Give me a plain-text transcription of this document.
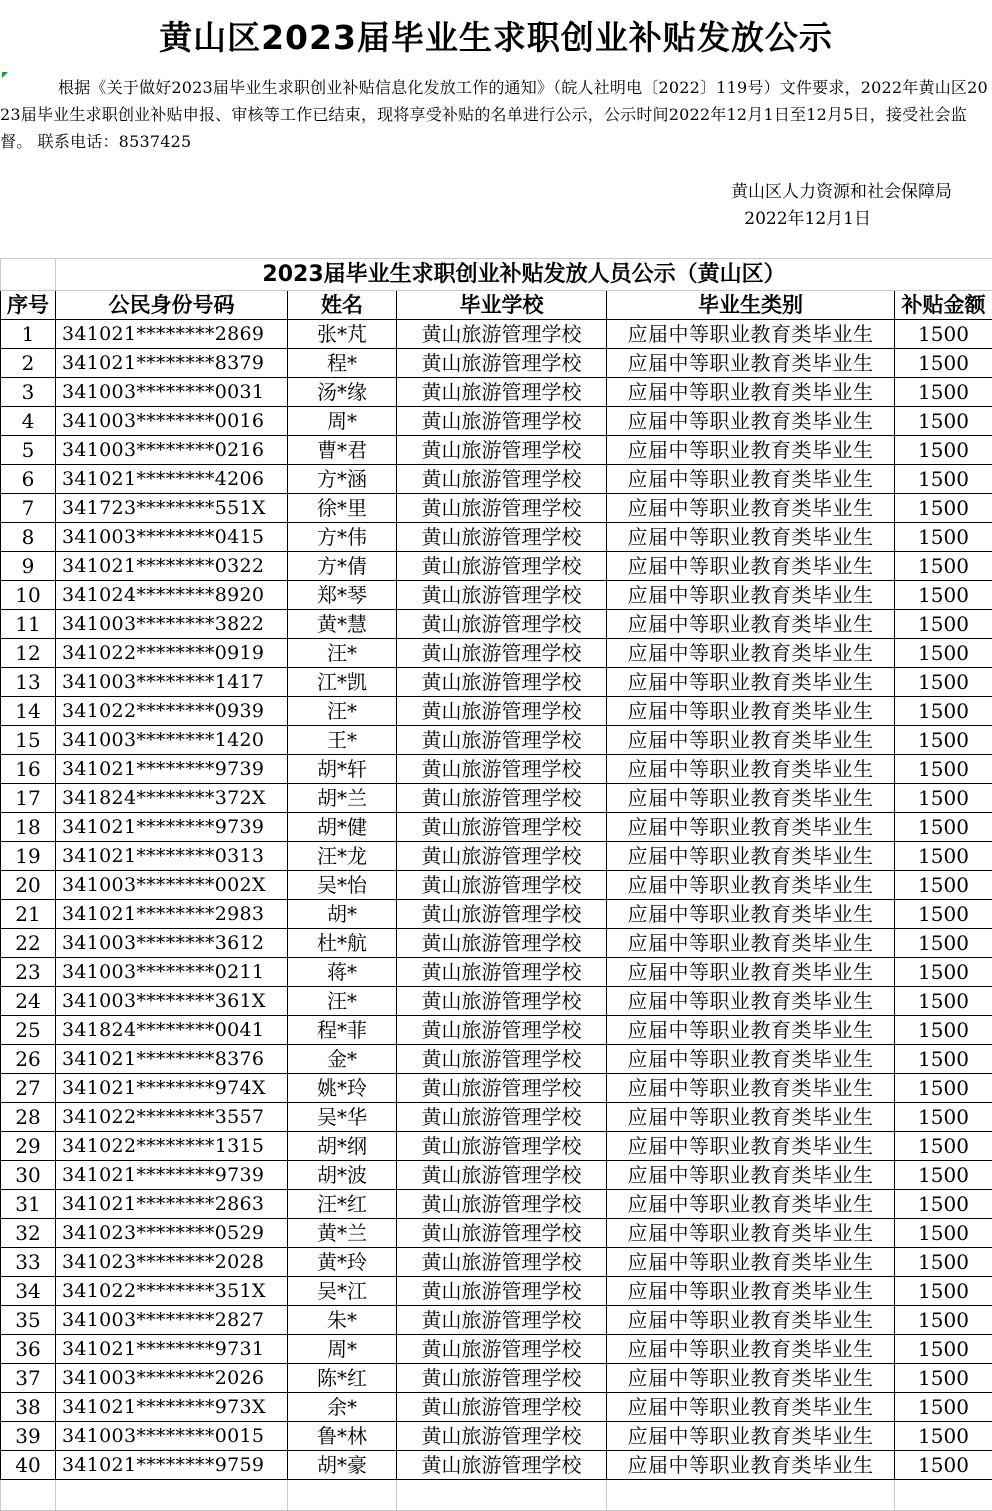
黄山区2023届毕业生求职创业补贴发放公示
根据《关于做好2023届毕业生求职创业补贴信息化发放工作的通知》（皖人社明电〔2022〕119号）文件要求，2022年黄山区2023届毕业生求职创业补贴申报、审核等工作已结束，现将享受补贴的名单进行公示，公示时间2022年12月1日至12月5日，接受社会监督。 联系电话：8537425
黄山区人力资源和社会保障局
2022年12月1日
	2023届毕业生求职创业补贴发放人员公示（黄山区）				
序号	公民身份号码	姓名	毕业学校	毕业生类别	补贴金额
1	341021********2869	张*芃	黄山旅游管理学校	应届中等职业教育类毕业生	1500
2	341021********8379	程*	黄山旅游管理学校	应届中等职业教育类毕业生	1500
3	341003********0031	汤*缘	黄山旅游管理学校	应届中等职业教育类毕业生	1500
4	341003********0016	周*	黄山旅游管理学校	应届中等职业教育类毕业生	1500
5	341003********0216	曹*君	黄山旅游管理学校	应届中等职业教育类毕业生	1500
6	341021********4206	方*涵	黄山旅游管理学校	应届中等职业教育类毕业生	1500
7	341723********551X	徐*里	黄山旅游管理学校	应届中等职业教育类毕业生	1500
8	341003********0415	方*伟	黄山旅游管理学校	应届中等职业教育类毕业生	1500
9	341021********0322	方*倩	黄山旅游管理学校	应届中等职业教育类毕业生	1500
10	341024********8920	郑*琴	黄山旅游管理学校	应届中等职业教育类毕业生	1500
11	341003********3822	黄*慧	黄山旅游管理学校	应届中等职业教育类毕业生	1500
12	341022********0919	汪*	黄山旅游管理学校	应届中等职业教育类毕业生	1500
13	341003********1417	江*凯	黄山旅游管理学校	应届中等职业教育类毕业生	1500
14	341022********0939	汪*	黄山旅游管理学校	应届中等职业教育类毕业生	1500
15	341003********1420	王*	黄山旅游管理学校	应届中等职业教育类毕业生	1500
16	341021********9739	胡*轩	黄山旅游管理学校	应届中等职业教育类毕业生	1500
17	341824********372X	胡*兰	黄山旅游管理学校	应届中等职业教育类毕业生	1500
18	341021********9739	胡*健	黄山旅游管理学校	应届中等职业教育类毕业生	1500
19	341021********0313	汪*龙	黄山旅游管理学校	应届中等职业教育类毕业生	1500
20	341003********002X	吴*怡	黄山旅游管理学校	应届中等职业教育类毕业生	1500
21	341021********2983	胡*	黄山旅游管理学校	应届中等职业教育类毕业生	1500
22	341003********3612	杜*航	黄山旅游管理学校	应届中等职业教育类毕业生	1500
23	341003********0211	蒋*	黄山旅游管理学校	应届中等职业教育类毕业生	1500
24	341003********361X	汪*	黄山旅游管理学校	应届中等职业教育类毕业生	1500
25	341824********0041	程*菲	黄山旅游管理学校	应届中等职业教育类毕业生	1500
26	341021********8376	金*	黄山旅游管理学校	应届中等职业教育类毕业生	1500
27	341021********974X	姚*玲	黄山旅游管理学校	应届中等职业教育类毕业生	1500
28	341022********3557	吴*华	黄山旅游管理学校	应届中等职业教育类毕业生	1500
29	341022********1315	胡*纲	黄山旅游管理学校	应届中等职业教育类毕业生	1500
30	341021********9739	胡*波	黄山旅游管理学校	应届中等职业教育类毕业生	1500
31	341021********2863	汪*红	黄山旅游管理学校	应届中等职业教育类毕业生	1500
32	341023********0529	黄*兰	黄山旅游管理学校	应届中等职业教育类毕业生	1500
33	341023********2028	黄*玲	黄山旅游管理学校	应届中等职业教育类毕业生	1500
34	341022********351X	吴*江	黄山旅游管理学校	应届中等职业教育类毕业生	1500
35	341003********2827	朱*	黄山旅游管理学校	应届中等职业教育类毕业生	1500
36	341021********9731	周*	黄山旅游管理学校	应届中等职业教育类毕业生	1500
37	341003********2026	陈*红	黄山旅游管理学校	应届中等职业教育类毕业生	1500
38	341021********973X	余*	黄山旅游管理学校	应届中等职业教育类毕业生	1500
39	341003********0015	鲁*林	黄山旅游管理学校	应届中等职业教育类毕业生	1500
40	341021********9759	胡*豪	黄山旅游管理学校	应届中等职业教育类毕业生	1500
